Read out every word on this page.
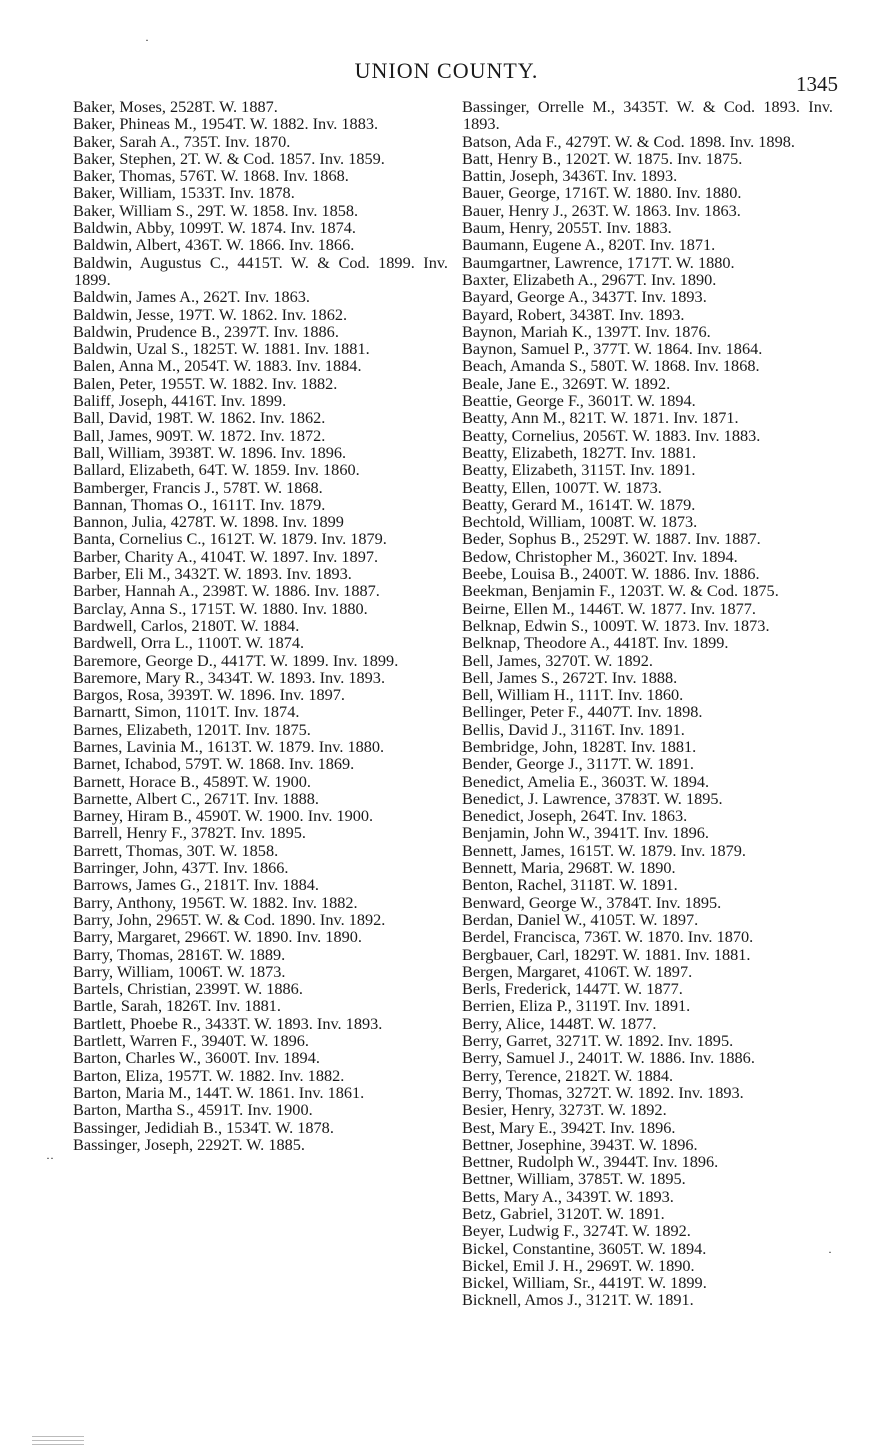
UNION COUNTY.
1345

Baker, Moses, 2528T. W. 1887.

Baker, Phineas M., 1954T. W. 1882. Inv. 1883.

Baker, Sarah A., 735T. Inv. 1870.

Baker, Stephen, 2T. W. & Cod. 1857. Inv. 1859.

Baker, Thomas, 576T. W. 1868. Inv. 1868.

Baker, William, 1533T. Inv. 1878.

Baker, William S., 29T. W. 1858. Inv. 1858.

Baldwin, Abby, 1099T. W. 1874. Inv. 1874.

Baldwin, Albert, 436T. W. 1866. Inv. 1866.

Baldwin, Augustus C., 4415T. W. & Cod. 1899. Inv. 1899.

Baldwin, James A., 262T. Inv. 1863.

Baldwin, Jesse, 197T. W. 1862. Inv. 1862.

Baldwin, Prudence B., 2397T. Inv. 1886.

Baldwin, Uzal S., 1825T. W. 1881. Inv. 1881.

Balen, Anna M., 2054T. W. 1883. Inv. 1884.

Balen, Peter, 1955T. W. 1882. Inv. 1882.

Baliff, Joseph, 4416T. Inv. 1899.

Ball, David, 198T. W. 1862. Inv. 1862.

Ball, James, 909T. W. 1872. Inv. 1872.

Ball, William, 3938T. W. 1896. Inv. 1896.

Ballard, Elizabeth, 64T. W. 1859. Inv. 1860.

Bamberger, Francis J., 578T. W. 1868.

Bannan, Thomas O., 1611T. Inv. 1879.

Bannon, Julia, 4278T. W. 1898. Inv. 1899

Banta, Cornelius C., 1612T. W. 1879. Inv. 1879.

Barber, Charity A., 4104T. W. 1897. Inv. 1897.

Barber, Eli M., 3432T. W. 1893. Inv. 1893.

Barber, Hannah A., 2398T. W. 1886. Inv. 1887.

Barclay, Anna S., 1715T. W. 1880. Inv. 1880.

Bardwell, Carlos, 2180T. W. 1884.

Bardwell, Orra L., 1100T. W. 1874.

Baremore, George D., 4417T. W. 1899. Inv. 1899.

Baremore, Mary R., 3434T. W. 1893. Inv. 1893.

Bargos, Rosa, 3939T. W. 1896. Inv. 1897.

Barnartt, Simon, 1101T. Inv. 1874.

Barnes, Elizabeth, 1201T. Inv. 1875.

Barnes, Lavinia M., 1613T. W. 1879. Inv. 1880.

Barnet, Ichabod, 579T. W. 1868. Inv. 1869.

Barnett, Horace B., 4589T. W. 1900.

Barnette, Albert C., 2671T. Inv. 1888.

Barney, Hiram B., 4590T. W. 1900. Inv. 1900.

Barrell, Henry F., 3782T. Inv. 1895.

Barrett, Thomas, 30T. W. 1858.

Barringer, John, 437T. Inv. 1866.

Barrows, James G., 2181T. Inv. 1884.

Barry, Anthony, 1956T. W. 1882. Inv. 1882.

Barry, John, 2965T. W. & Cod. 1890. Inv. 1892.

Barry, Margaret, 2966T. W. 1890. Inv. 1890.

Barry, Thomas, 2816T. W. 1889.

Barry, William, 1006T. W. 1873.

Bartels, Christian, 2399T. W. 1886.

Bartle, Sarah, 1826T. Inv. 1881.

Bartlett, Phoebe R., 3433T. W. 1893. Inv. 1893.

Bartlett, Warren F., 3940T. W. 1896.

Barton, Charles W., 3600T. Inv. 1894.

Barton, Eliza, 1957T. W. 1882. Inv. 1882.

Barton, Maria M., 144T. W. 1861. Inv. 1861.

Barton, Martha S., 4591T. Inv. 1900.

Bassinger, Jedidiah B., 1534T. W. 1878.

Bassinger, Joseph, 2292T. W. 1885.

Bassinger, Orrelle M., 3435T. W. & Cod. 1893. Inv. 1893.

Batson, Ada F., 4279T. W. & Cod. 1898. Inv. 1898.

Batt, Henry B., 1202T. W. 1875. Inv. 1875.

Battin, Joseph, 3436T. Inv. 1893.

Bauer, George, 1716T. W. 1880. Inv. 1880.

Bauer, Henry J., 263T. W. 1863. Inv. 1863.

Baum, Henry, 2055T. Inv. 1883.

Baumann, Eugene A., 820T. Inv. 1871.

Baumgartner, Lawrence, 1717T. W. 1880.

Baxter, Elizabeth A., 2967T. Inv. 1890.

Bayard, George A., 3437T. Inv. 1893.

Bayard, Robert, 3438T. Inv. 1893.

Baynon, Mariah K., 1397T. Inv. 1876.

Baynon, Samuel P., 377T. W. 1864. Inv. 1864.

Beach, Amanda S., 580T. W. 1868. Inv. 1868.

Beale, Jane E., 3269T. W. 1892.

Beattie, George F., 3601T. W. 1894.

Beatty, Ann M., 821T. W. 1871. Inv. 1871.

Beatty, Cornelius, 2056T. W. 1883. Inv. 1883.

Beatty, Elizabeth, 1827T. Inv. 1881.

Beatty, Elizabeth, 3115T. Inv. 1891.

Beatty, Ellen, 1007T. W. 1873.

Beatty, Gerard M., 1614T. W. 1879.

Bechtold, William, 1008T. W. 1873.

Beder, Sophus B., 2529T. W. 1887. Inv. 1887.

Bedow, Christopher M., 3602T. Inv. 1894.

Beebe, Louisa B., 2400T. W. 1886. Inv. 1886.

Beekman, Benjamin F., 1203T. W. & Cod. 1875.

Beirne, Ellen M., 1446T. W. 1877. Inv. 1877.

Belknap, Edwin S., 1009T. W. 1873. Inv. 1873.

Belknap, Theodore A., 4418T. Inv. 1899.

Bell, James, 3270T. W. 1892.

Bell, James S., 2672T. Inv. 1888.

Bell, William H., 111T. Inv. 1860.

Bellinger, Peter F., 4407T. Inv. 1898.

Bellis, David J., 3116T. Inv. 1891.

Bembridge, John, 1828T. Inv. 1881.

Bender, George J., 3117T. W. 1891.

Benedict, Amelia E., 3603T. W. 1894.

Benedict, J. Lawrence, 3783T. W. 1895.

Benedict, Joseph, 264T. Inv. 1863.

Benjamin, John W., 3941T. Inv. 1896.

Bennett, James, 1615T. W. 1879. Inv. 1879.

Bennett, Maria, 2968T. W. 1890.

Benton, Rachel, 3118T. W. 1891.

Benward, George W., 3784T. Inv. 1895.

Berdan, Daniel W., 4105T. W. 1897.

Berdel, Francisca, 736T. W. 1870. Inv. 1870.

Bergbauer, Carl, 1829T. W. 1881. Inv. 1881.

Bergen, Margaret, 4106T. W. 1897.

Berls, Frederick, 1447T. W. 1877.

Berrien, Eliza P., 3119T. Inv. 1891.

Berry, Alice, 1448T. W. 1877.

Berry, Garret, 3271T. W. 1892. Inv. 1895.

Berry, Samuel J., 2401T. W. 1886. Inv. 1886.

Berry, Terence, 2182T. W. 1884.

Berry, Thomas, 3272T. W. 1892. Inv. 1893.

Besier, Henry, 3273T. W. 1892.

Best, Mary E., 3942T. Inv. 1896.

Bettner, Josephine, 3943T. W. 1896.

Bettner, Rudolph W., 3944T. Inv. 1896.

Bettner, William, 3785T. W. 1895.

Betts, Mary A., 3439T. W. 1893.

Betz, Gabriel, 3120T. W. 1891.

Beyer, Ludwig F., 3274T. W. 1892.

Bickel, Constantine, 3605T. W. 1894.

Bickel, Emil J. H., 2969T. W. 1890.

Bickel, William, Sr., 4419T. W. 1899.

Bicknell, Amos J., 3121T. W. 1891.

·
··
·
